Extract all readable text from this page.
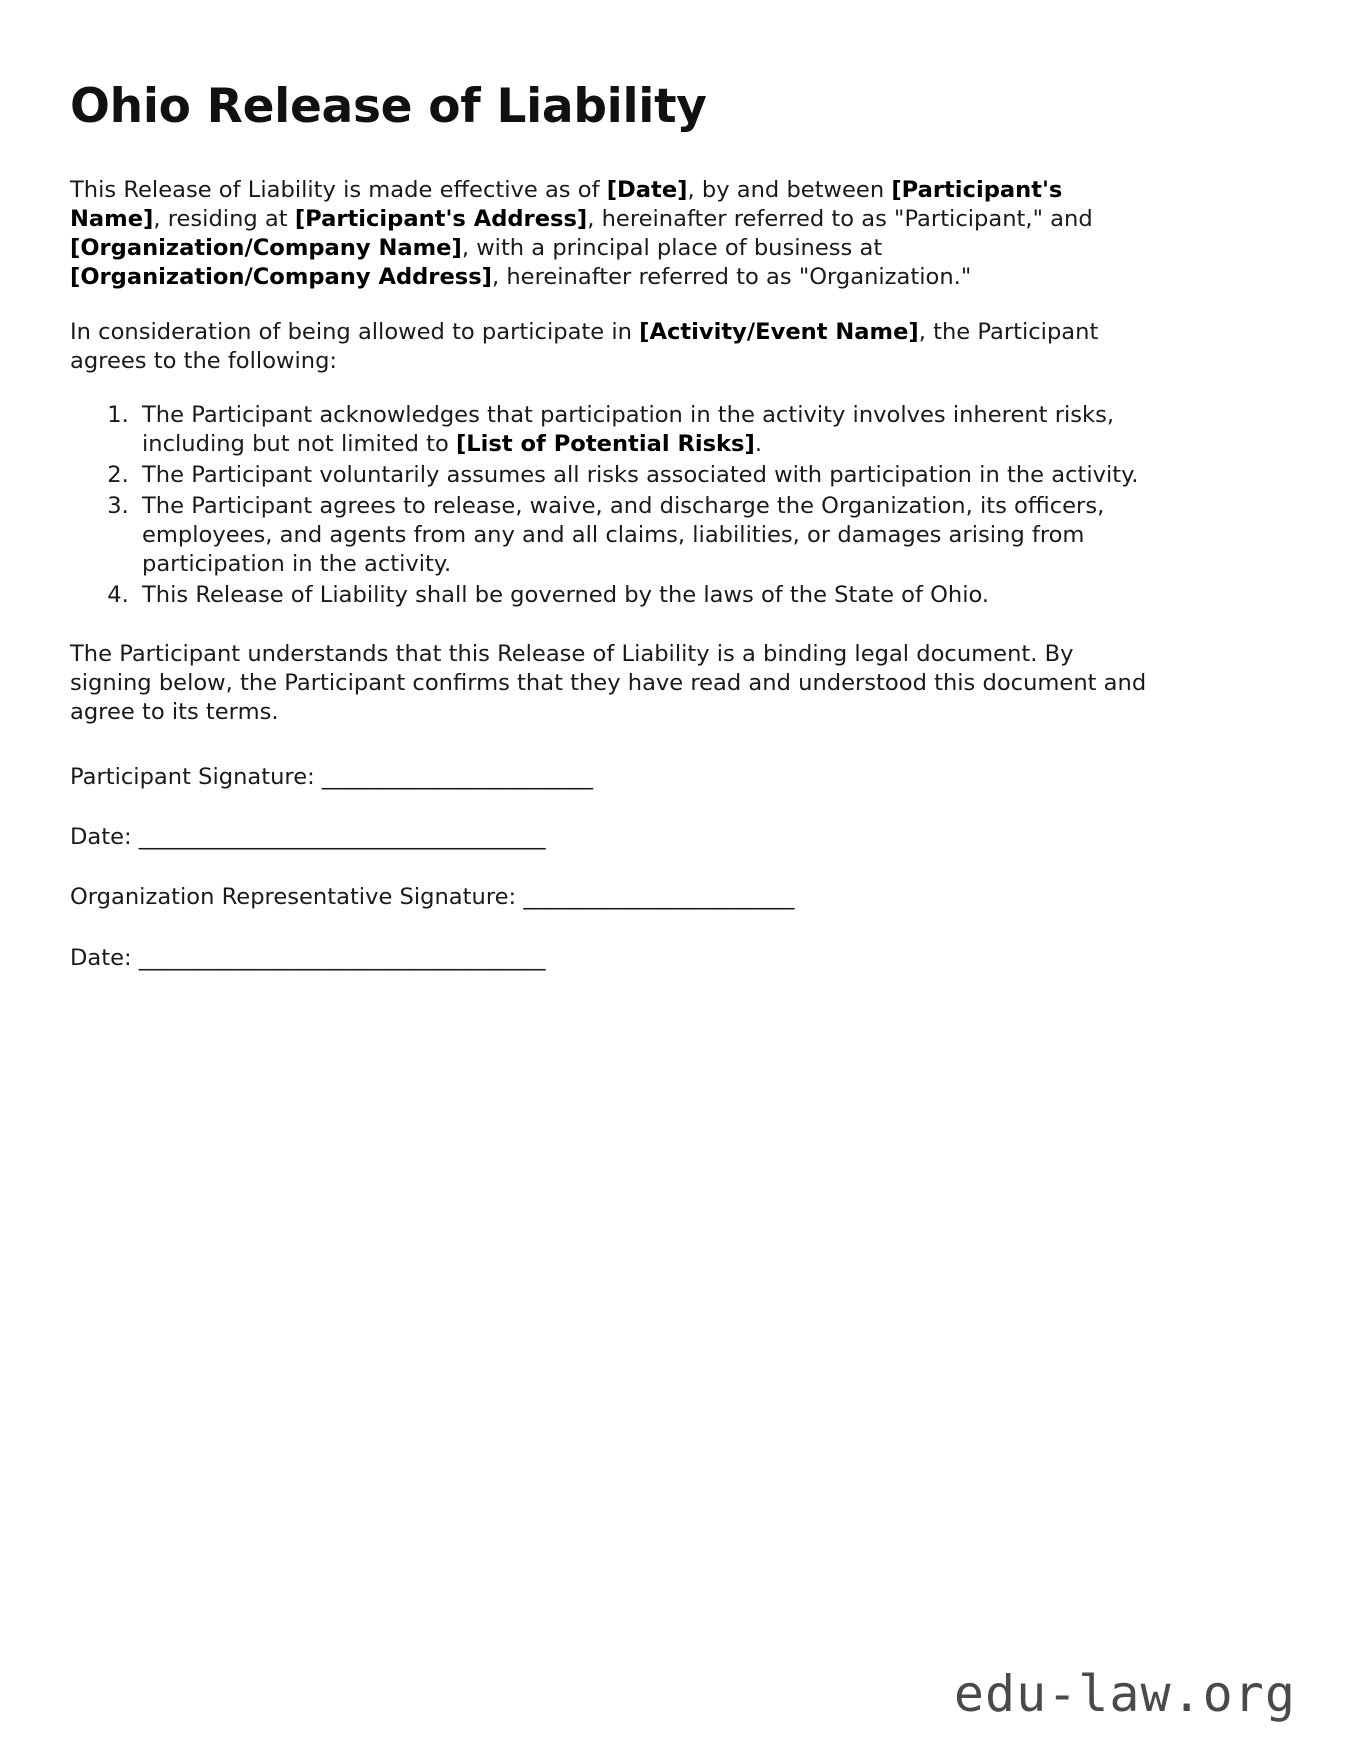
Ohio Release of Liability

This Release of Liability is made effective as of [Date], by and between [Participant's Name], residing at [Participant's Address], hereinafter referred to as "Participant," and [Organization/Company Name], with a principal place of business at [Organization/Company Address], hereinafter referred to as "Organization."

In consideration of being allowed to participate in [Activity/Event Name], the Participant agrees to the following:

1. The Participant acknowledges that participation in the activity involves inherent risks, including but not limited to [List of Potential Risks].
2. The Participant voluntarily assumes all risks associated with participation in the activity.
3. The Participant agrees to release, waive, and discharge the Organization, its officers, employees, and agents from any and all claims, liabilities, or damages arising from participation in the activity.
4. This Release of Liability shall be governed by the laws of the State of Ohio.

The Participant understands that this Release of Liability is a binding legal document. By signing below, the Participant confirms that they have read and understood this document and agree to its terms.

Participant Signature: ________________________
Date: ____________________________________
Organization Representative Signature: ________________________
Date: ____________________________________
edu-law.org
